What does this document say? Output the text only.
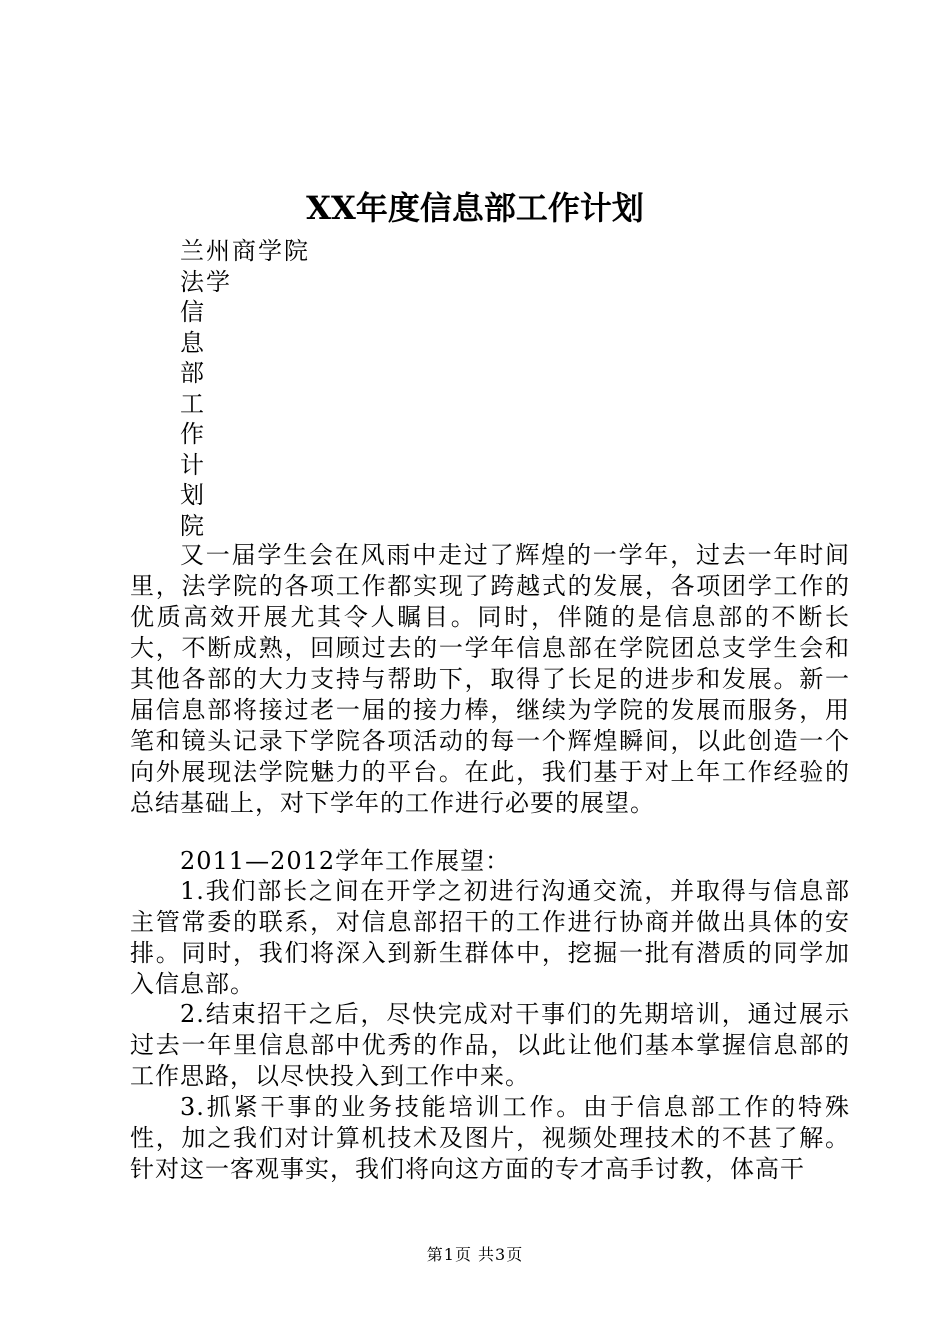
XX年度信息部工作计划
兰州商学院
法学
信
息
部
工
作
计
划
院

又一届学生会在风雨中走过了辉煌的一学年，过去一年时间里，法学院的各项工作都实现了跨越式的发展，各项团学工作的优质高效开展尤其令人瞩目。同时，伴随的是信息部的不断长大，不断成熟，回顾过去的一学年信息部在学院团总支学生会和其他各部的大力支持与帮助下，取得了长足的进步和发展。新一届信息部将接过老一届的接力棒，继续为学院的发展而服务，用笔和镜头记录下学院各项活动的每一个辉煌瞬间，以此创造一个向外展现法学院魅力的平台。在此，我们基于对上年工作经验的总结基础上，对下学年的工作进行必要的展望。

2011—2012学年工作展望：

1.我们部长之间在开学之初进行沟通交流，并取得与信息部主管常委的联系，对信息部招干的工作进行协商并做出具体的安排。同时，我们将深入到新生群体中，挖掘一批有潜质的同学加入信息部。

2.结束招干之后，尽快完成对干事们的先期培训，通过展示过去一年里信息部中优秀的作品，以此让他们基本掌握信息部的工作思路，以尽快投入到工作中来。

3.抓紧干事的业务技能培训工作。由于信息部工作的特殊性，加之我们对计算机技术及图片，视频处理技术的不甚了解。针对这一客观事实，我们将向这方面的专才高手讨教，体高干

第1页 共3页
